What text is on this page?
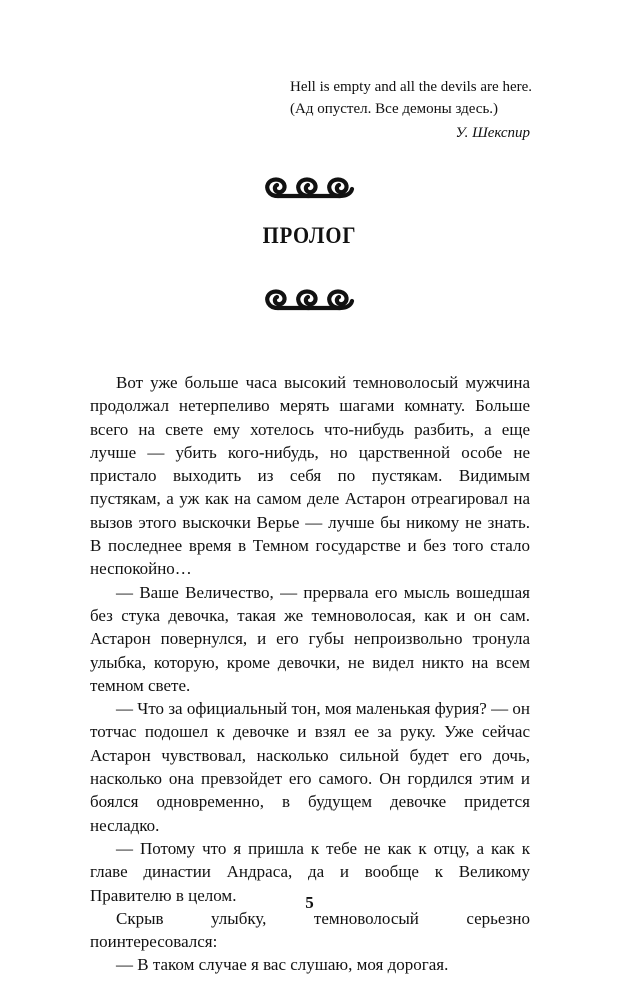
Hell is empty and all the devils are here.
(Ад опустел. Все демоны здесь.)
У. Шекспир
ПРОЛОГ

Вот уже больше часа высокий темноволосый мужчина продолжал нетерпеливо мерять шагами комнату. Больше всего на свете ему хотелось что-нибудь разбить, а еще лучше — убить кого-нибудь, но царственной особе не пристало выходить из себя по пустякам. Видимым пустякам, а уж как на самом деле Астарон отреагировал на вызов этого выскочки Верье — лучше бы никому не знать. В последнее время в Темном государстве и без того стало неспокойно…

— Ваше Величество, — прервала его мысль вошедшая без стука девочка, такая же темноволосая, как и он сам. Астарон повернулся, и его губы непроизвольно тронула улыбка, которую, кроме девочки, не видел никто на всем темном свете.

— Что за официальный тон, моя маленькая фурия? — он тотчас подошел к девочке и взял ее за руку. Уже сейчас Астарон чувствовал, насколько сильной будет его дочь, насколько она превзойдет его самого. Он гордился этим и боялся одновременно, в будущем девочке придется несладко.

— Потому что я пришла к тебе не как к отцу, а как к главе династии Андраса, да и вообще к Великому Правителю в целом.

Скрыв улыбку, темноволосый серьезно поинтересовался:

— В таком случае я вас слушаю, моя дорогая.

5
